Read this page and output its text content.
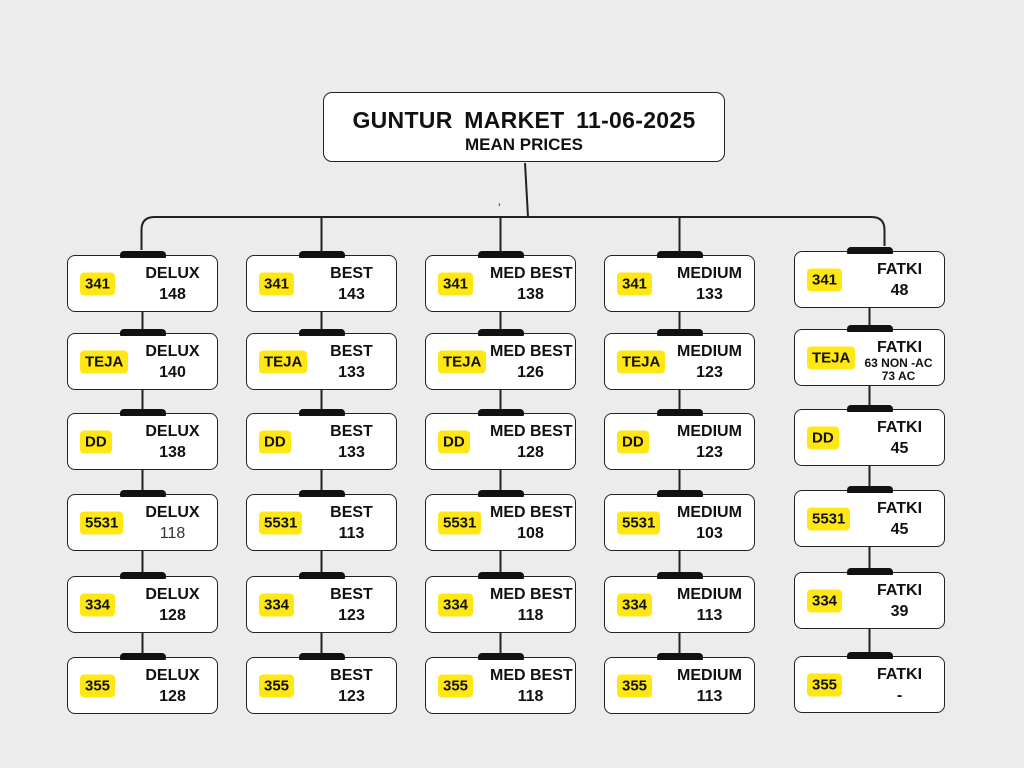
GUNTUR MARKET 11-06-2025
MEAN PRICES
’
341
DELUX
148
TEJA
DELUX
140
DD
DELUX
138
5531
DELUX
118
334
DELUX
128
355
DELUX
128
341
BEST
143
TEJA
BEST
133
DD
BEST
133
5531
BEST
113
334
BEST
123
355
BEST
123
341
MED BEST
138
TEJA
MED BEST
126
DD
MED BEST
128
5531
MED BEST
108
334
MED BEST
118
355
MED BEST
118
341
MEDIUM
133
TEJA
MEDIUM
123
DD
MEDIUM
123
5531
MEDIUM
103
334
MEDIUM
113
355
MEDIUM
113
341
FATKI
48
TEJA
FATKI
63 NON -AC
73 AC
DD
FATKI
45
5531
FATKI
45
334
FATKI
39
355
FATKI
-
